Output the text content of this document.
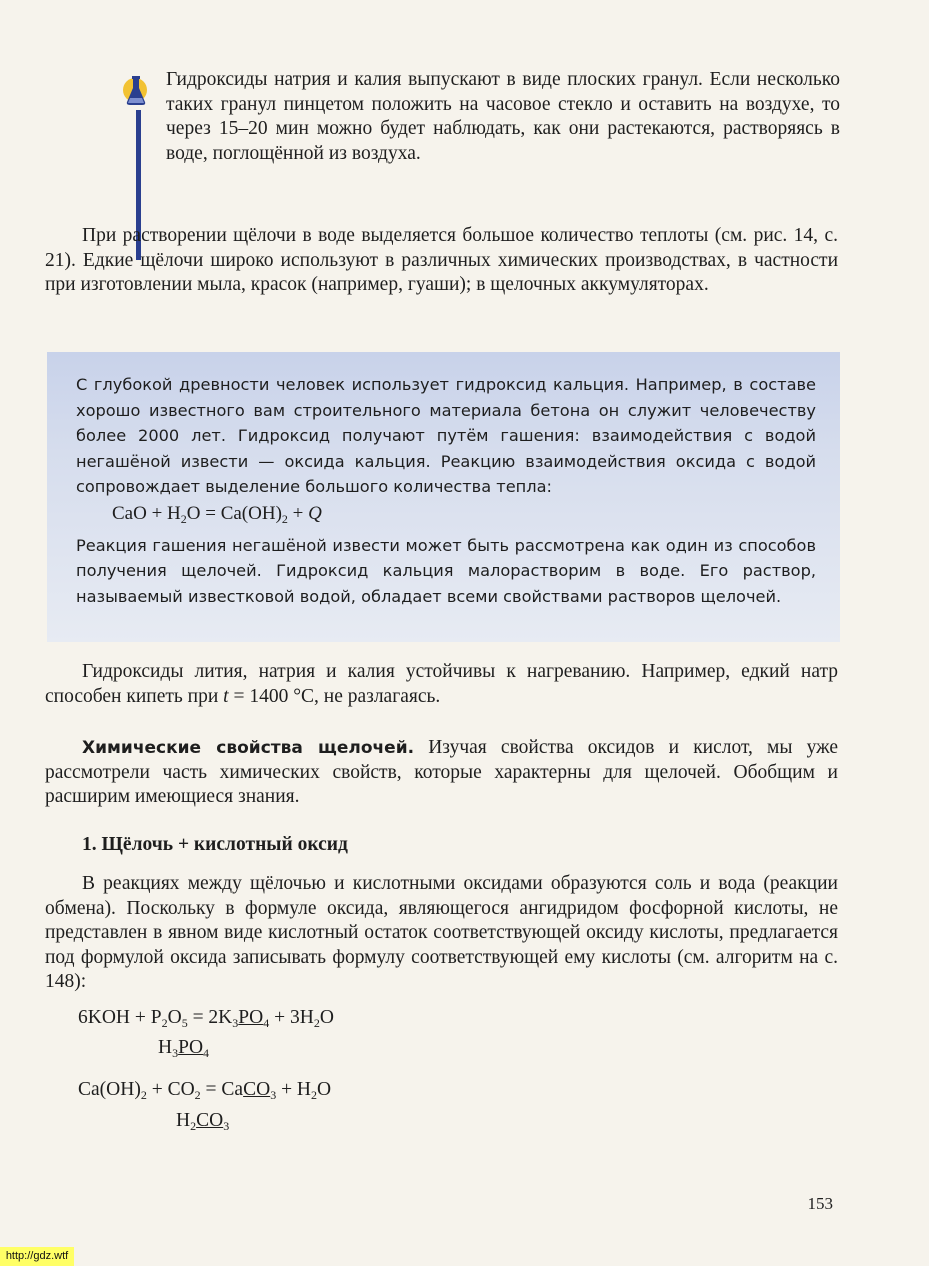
Гидроксиды натрия и калия выпускают в виде плоских гранул. Если несколько таких гранул пинцетом положить на часовое стекло и оставить на воздухе, то через 15–20 мин можно будет наблюдать, как они растекаются, растворяясь в воде, поглощённой из воздуха.

При растворении щёлочи в воде выделяется большое количество теплоты (см. рис. 14, с. 21). Едкие щёлочи широко используют в различных химических производствах, в частности при изготовлении мыла, красок (например, гуаши); в щелочных аккумуляторах.

С глубокой древности человек использует гидроксид кальция. Например, в составе хорошо известного вам строительного материала бетона он служит человечеству более 2000 лет. Гидроксид получают путём гашения: взаимодействия с водой негашёной извести — оксида кальция. Реакцию взаимодействия оксида с водой сопровождает выделение большого количества тепла:

CaO + $H_2O = Ca(OH)_2 + Q$

Реакция гашения негашёной извести может быть рассмотрена как один из способов получения щелочей. Гидроксид кальция малорастворим в воде. Его раствор, называемый известковой водой, обладает всеми свойствами растворов щелочей.

Гидроксиды лития, натрия и калия устойчивы к нагреванию. Например, едкий натр способен кипеть при t = 1400 °С, не разлагаясь.

Химические свойства щелочей. Изучая свойства оксидов и кислот, мы уже рассмотрели часть химических свойств, которые характерны для щелочей. Обобщим и расширим имеющиеся знания.

1. Щёлочь + кислотный оксид

В реакциях между щёлочью и кислотными оксидами образуются соль и вода (реакции обмена). Поскольку в формуле оксида, являющегося ангидридом фосфорной кислоты, не представлен в явном виде кислотный остаток соответствующей оксиду кислоты, предлагается под формулой оксида записывать формулу соответствующей ему кислоты (см. алгоритм на с. 148):

$6KOH + P_2O_5 = 2K_3PO_4 + 3H_2O$
$H_3PO_4$
$Ca(OH)_2 + CO_2$ = CaCO$_3$ + $H_2O$
$H_2CO_3$
153
http://gdz.wtf
